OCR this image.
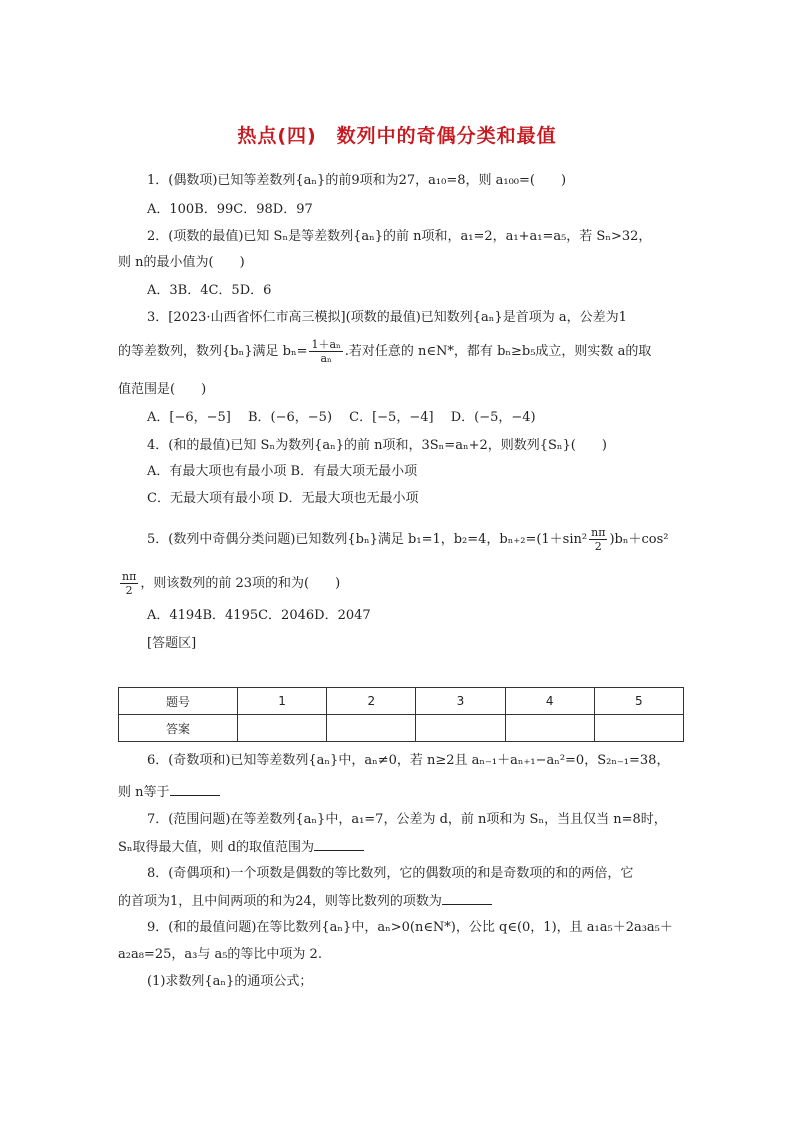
热点(四)　数列中的奇偶分类和最值
1．(偶数项)已知等差数列{aₙ}的前9项和为27，a₁₀=8，则 a₁₀₀=(　　)
A．100B．99C．98D．97
2．(项数的最值)已知 Sₙ是等差数列{aₙ}的前 n项和，a₁=2，a₁+a₁=a₅，若 Sₙ>32，
则 n的最小值为(　　)
A．3B．4C．5D．6
3．[2023·山西省怀仁市高三模拟](项数的最值)已知数列{aₙ}是首项为 a，公差为1
的等差数列，数列{bₙ}满足 $b_n= \frac{\text{1＋aₙ}}{\text{aₙ}}$ .若对任意的 n∈N*，都有 bₙ≥b₅成立，则实数 a的取
值范围是(　　)
A．[−6，−5]　 B．(−6，−5)　 C．[−5，−4]　 D．(−5，−4)
4．(和的最值)已知 Sₙ为数列{aₙ}的前 n项和，3Sₙ=aₙ+2，则数列{Sₙ}(　　)
A．有最大项也有最小项 B．有最大项无最小项
C．无最大项有最小项 D．无最大项也无最小项
5．(数列中奇偶分类问题)已知数列{bₙ}满足 b₁=1，b₂=4，$b_{n+2}=(1+\sin^2 \frac{n\pi}{2} )b_n+\cos^2$
$\frac{n\pi}{2}$ ，则该数列的前 23项的和为(　　)
A．4194B．4195C．2046D．2047
[答题区]
题号	1	2	3	4	5
答案					
6．(奇数项和)已知等差数列{aₙ}中，aₙ≠0，若 n≥2且 aₙ₋₁＋aₙ₊₁−aₙ²=0，S₂ₙ₋₁=38，
则 n等于
7．(范围问题)在等差数列{aₙ}中，a₁=7，公差为 d，前 n项和为 Sₙ，当且仅当 n=8时，
Sₙ取得最大值，则 d的取值范围为
8．(奇偶项和)一个项数是偶数的等比数列，它的偶数项的和是奇数项的和的两倍，它
的首项为1，且中间两项的和为24，则等比数列的项数为
9．(和的最值问题)在等比数列{aₙ}中，aₙ>0(n∈N*)，公比 q∈(0，1)，且 a₁a₅＋2a₃a₅＋
a₂a₈=25，a₃与 a₅的等比中项为 2.
(1)求数列{aₙ}的通项公式；
